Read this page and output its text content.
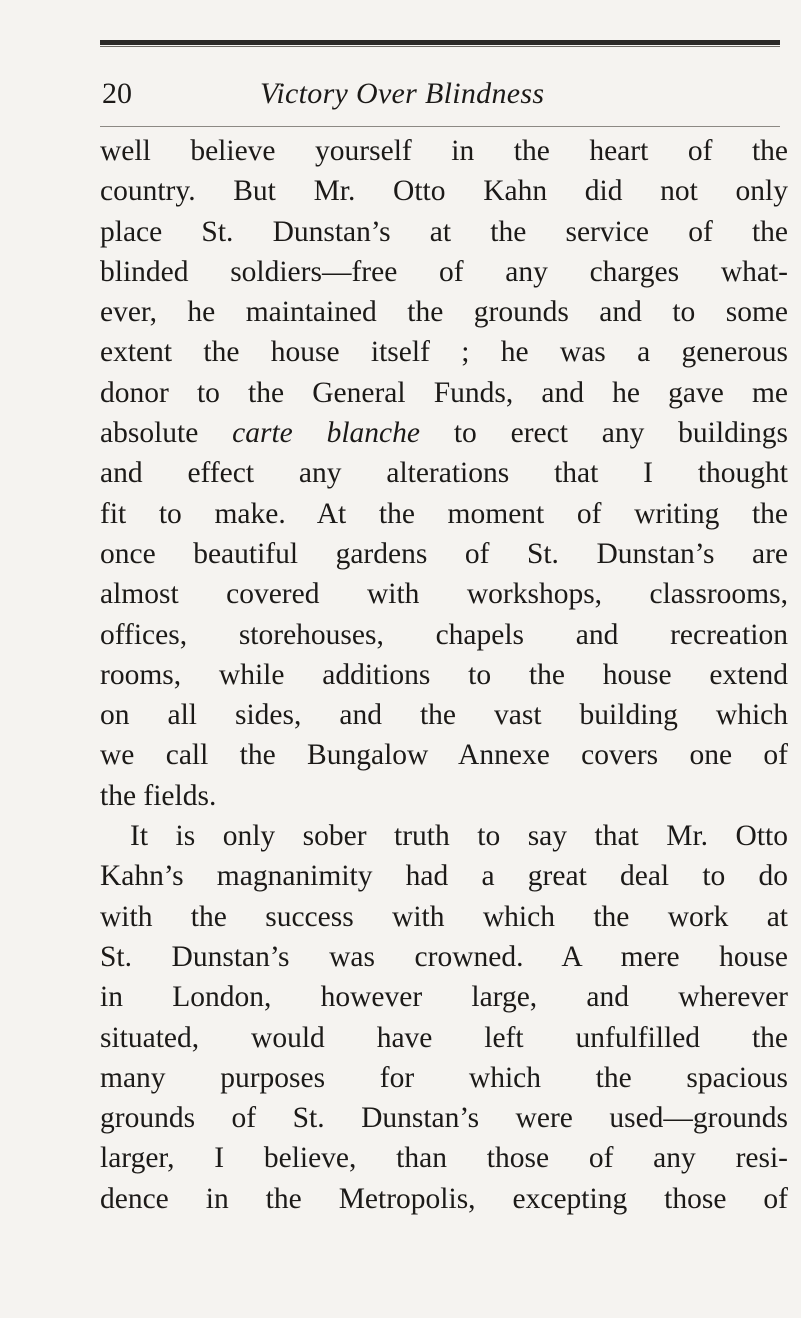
20	Victory Over Blindness
well believe yourself in the heart of the
country. But Mr. Otto Kahn did not only
place St. Dunstan’s at the service of the
blinded soldiers—free of any charges what-
ever, he maintained the grounds and to some
extent the house itself ; he was a generous
donor to the General Funds, and he gave me
absolute carte blanche to erect any buildings
and effect any alterations that I thought
fit to make. At the moment of writing the
once beautiful gardens of St. Dunstan’s are
almost covered with workshops, classrooms,
offices, storehouses, chapels and recreation
rooms, while additions to the house extend
on all sides, and the vast building which
we call the Bungalow Annexe covers one of
the fields.
It is only sober truth to say that Mr. Otto
Kahn’s magnanimity had a great deal to do
with the success with which the work at
St. Dunstan’s was crowned. A mere house
in London, however large, and wherever
situated, would have left unfulfilled the
many purposes for which the spacious
grounds of St. Dunstan’s were used—grounds
larger, I believe, than those of any resi-
dence in the Metropolis, excepting those of
